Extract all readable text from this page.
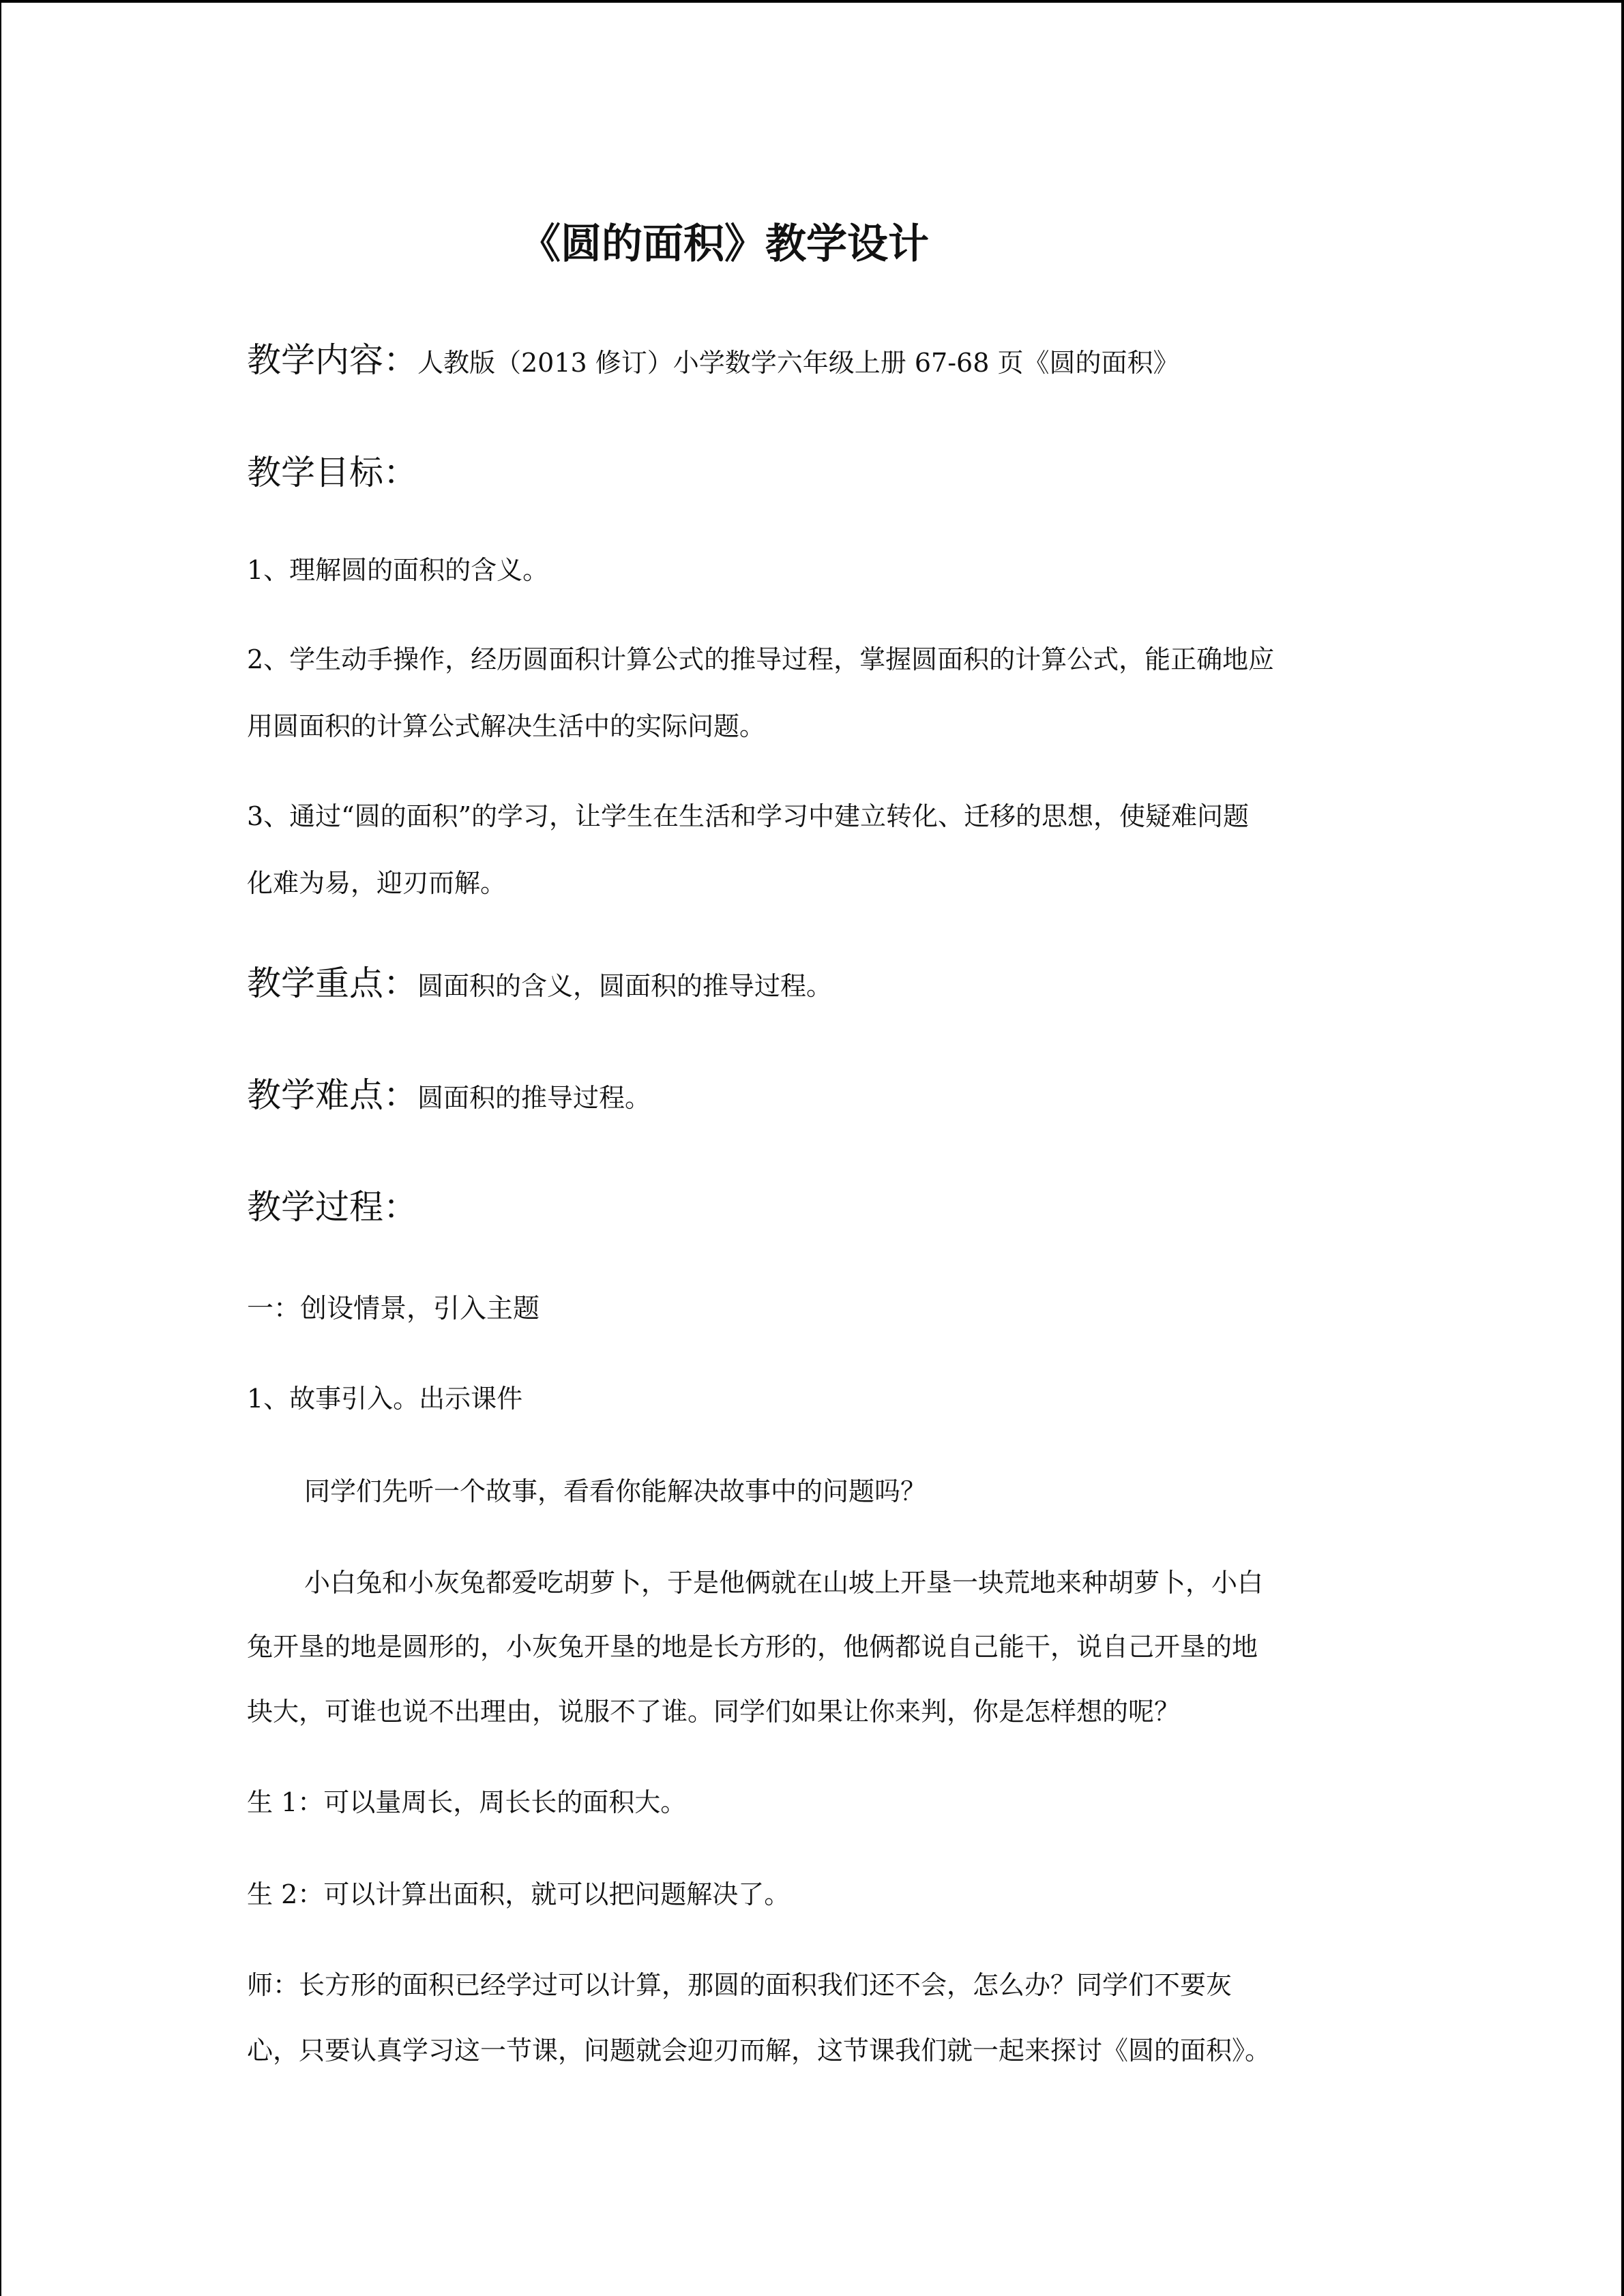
《圆的面积》教学设计
教学内容：人教版（2013 修订）小学数学六年级上册 67-68 页《圆的面积》
教学目标：
1、理解圆的面积的含义。
2、学生动手操作，经历圆面积计算公式的推导过程，掌握圆面积的计算公式，能正确地应
用圆面积的计算公式解决生活中的实际问题。
3、通过“圆的面积”的学习，让学生在生活和学习中建立转化、迁移的思想，使疑难问题
化难为易，迎刃而解。
教学重点：圆面积的含义，圆面积的推导过程。
教学难点：圆面积的推导过程。
教学过程：
一：创设情景，引入主题
1、故事引入。出示课件
同学们先听一个故事，看看你能解决故事中的问题吗？
小白兔和小灰兔都爱吃胡萝卜，于是他俩就在山坡上开垦一块荒地来种胡萝卜，小白
兔开垦的地是圆形的，小灰兔开垦的地是长方形的，他俩都说自己能干，说自己开垦的地
块大，可谁也说不出理由，说服不了谁。同学们如果让你来判，你是怎样想的呢？
生 1：可以量周长，周长长的面积大。
生 2：可以计算出面积，就可以把问题解决了。
师：长方形的面积已经学过可以计算，那圆的面积我们还不会，怎么办？同学们不要灰
心，只要认真学习这一节课，问题就会迎刃而解，这节课我们就一起来探讨《圆的面积》。
